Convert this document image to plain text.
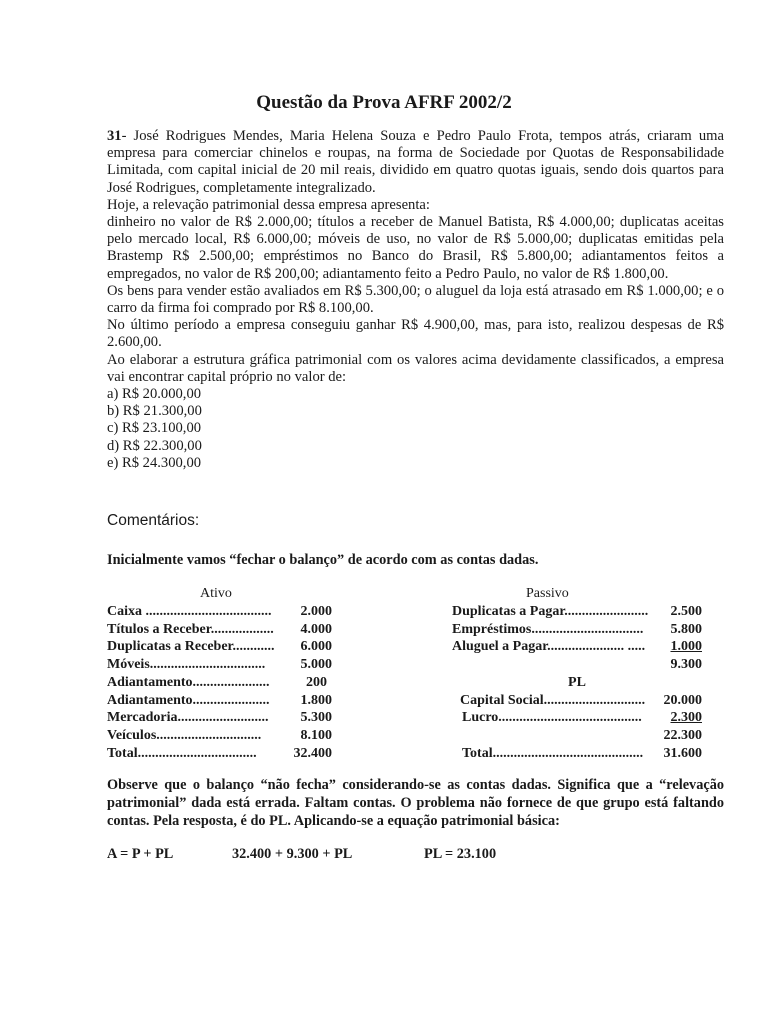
Questão da Prova AFRF 2002/2

31- José Rodrigues Mendes, Maria Helena Souza e Pedro Paulo Frota, tempos atrás, criaram uma empresa para comerciar chinelos e roupas, na forma de Sociedade por Quotas de Responsabilidade Limitada, com capital inicial de 20 mil reais, dividido em quatro quotas iguais, sendo dois quartos para José Rodrigues, completamente integralizado.

Hoje, a relevação patrimonial dessa empresa apresenta:

dinheiro no valor de R$ 2.000,00; títulos a receber de Manuel Batista, R$ 4.000,00; duplicatas aceitas pelo mercado local, R$ 6.000,00; móveis de uso, no valor de R$ 5.000,00; duplicatas emitidas pela Brastemp R$ 2.500,00; empréstimos no Banco do Brasil, R$ 5.800,00; adiantamentos feitos a empregados, no valor de R$ 200,00; adiantamento feito a Pedro Paulo, no valor de R$ 1.800,00.

Os bens para vender estão avaliados em R$ 5.300,00; o aluguel da loja está atrasado em R$ 1.000,00; e o carro da firma foi comprado por R$ 8.100,00.

No último período a empresa conseguiu ganhar R$ 4.900,00, mas, para isto, realizou despesas de R$ 2.600,00.

Ao elaborar a estrutura gráfica patrimonial com os valores acima devidamente classificados, a empresa vai encontrar capital próprio no valor de:

a) R$ 20.000,00
b) R$ 21.300,00
c) R$ 23.100,00
d) R$ 22.300,00
e) R$ 24.300,00
Comentários:
Inicialmente vamos “fechar o balanço” de acordo com as contas dadas.
Ativo	Passivo
Caixa ....................................	2.000
Títulos a Receber..................	4.000
Duplicatas a Receber............	6.000
Móveis.................................	5.000
Adiantamento......................	200
Adiantamento......................	1.800
Mercadoria..........................	5.300
Veículos..............................	8.100
Total..................................	32.400
Duplicatas a Pagar........................	2.500
Empréstimos................................	5.800
Aluguel a Pagar...................... .....	1.000
9.300
PL
Capital Social.............................	20.000
Lucro.........................................	2.300
22.300
Total...........................................	31.600

Observe que o balanço “não fecha” considerando-se as contas dadas. Significa que a “relevação patrimonial” dada está errada. Faltam contas. O problema não fornece de que grupo está faltando contas. Pela resposta, é do PL. Aplicando-se a equação patrimonial básica:

A = P + PL	32.400 + 9.300 + PL	PL = 23.100
